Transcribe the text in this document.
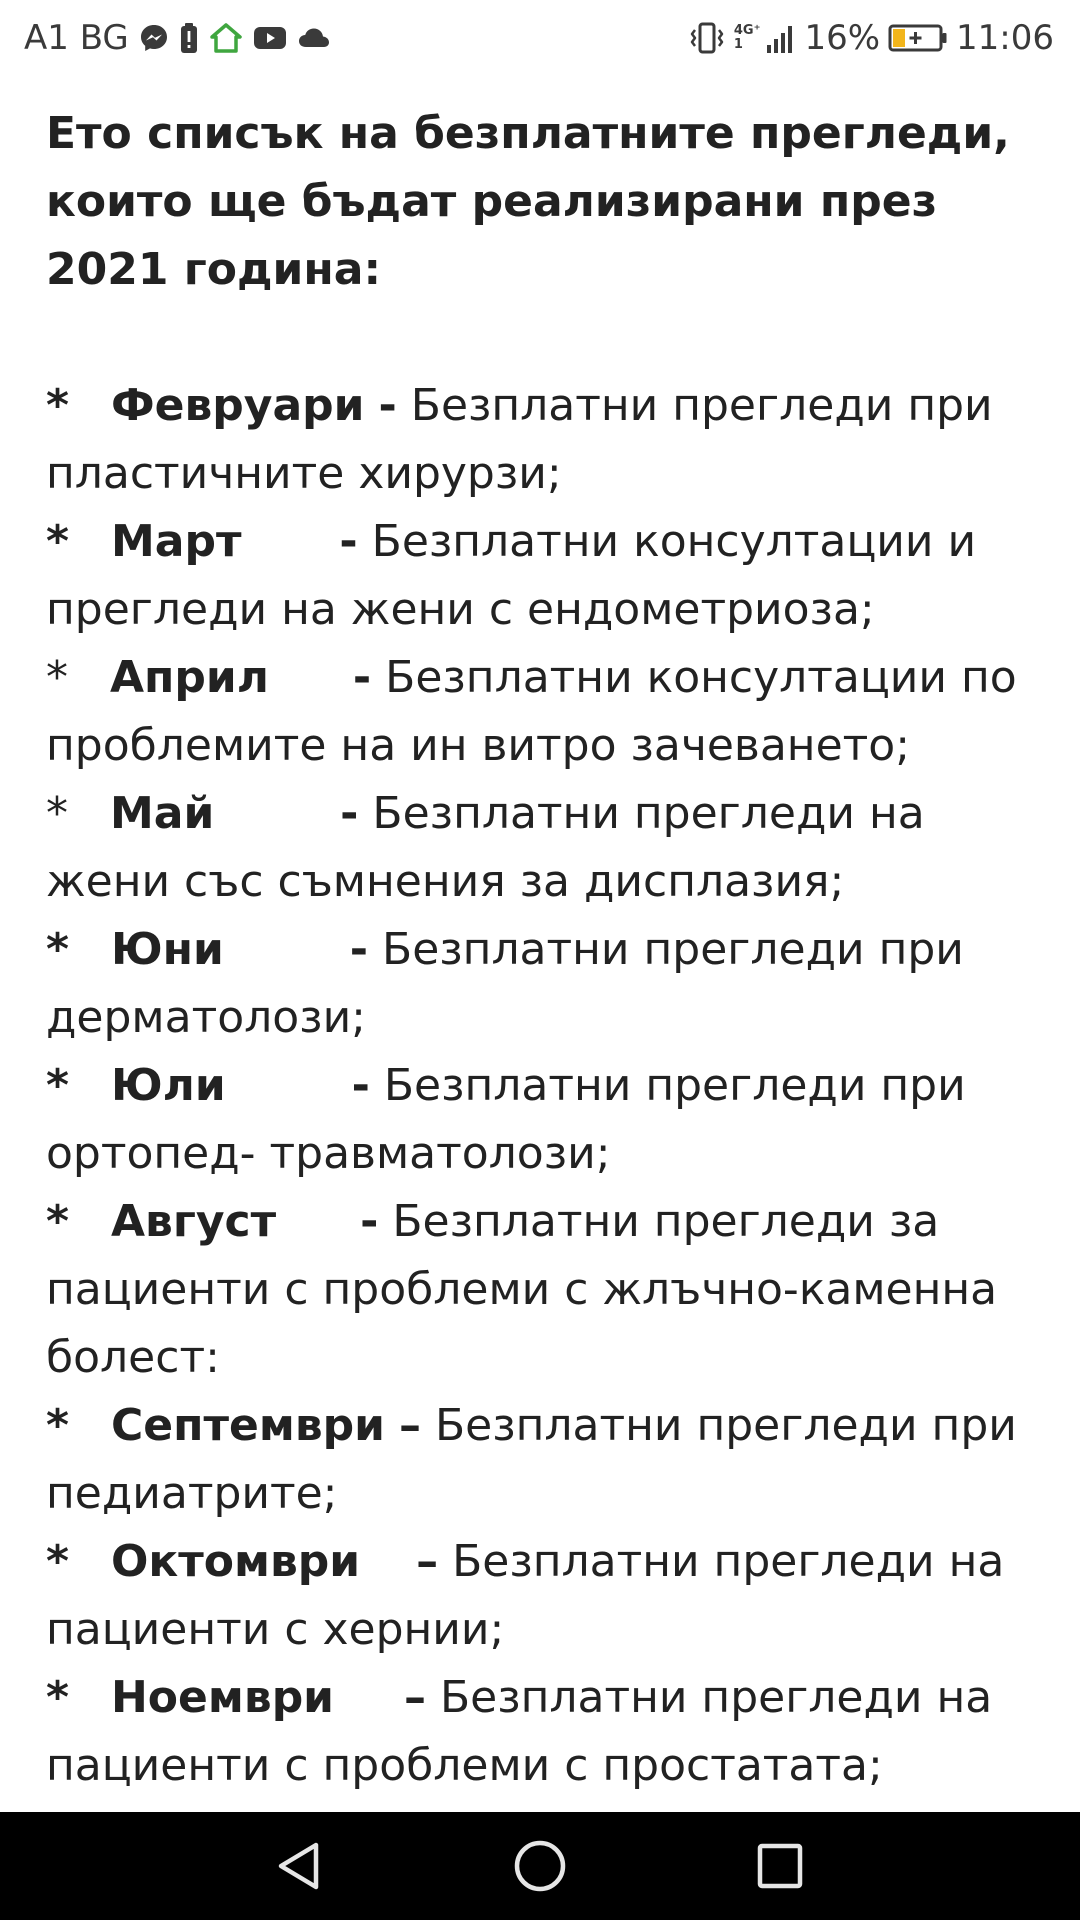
A1 BG	4G⁺
1 16% 11:06

Ето списък на безплатните прегледи, които ще бъдат реализирани през 2021 година:

* Февруари - Безплатни прегледи при пластичните хирурзи;

* Март - Безплатни консултации и прегледи на жени с ендометриоза;

* Април - Безплатни консултации по проблемите на ин витро зачеването;

* Май	- Безплатни прегледи на жени със съмнения за дисплазия;

* Юни	- Безплатни прегледи при дерматолози;

* Юли	- Безплатни прегледи при ортопед- травматолози;

* Август - Безплатни прегледи за пациенти с проблеми с жлъчно-каменна болест:

* Септември – Безплатни прегледи при педиатрите;

* Октомври – Безплатни прегледи на пациенти с хернии;

* Ноември – Безплатни прегледи на пациенти с проблеми с простатата;
